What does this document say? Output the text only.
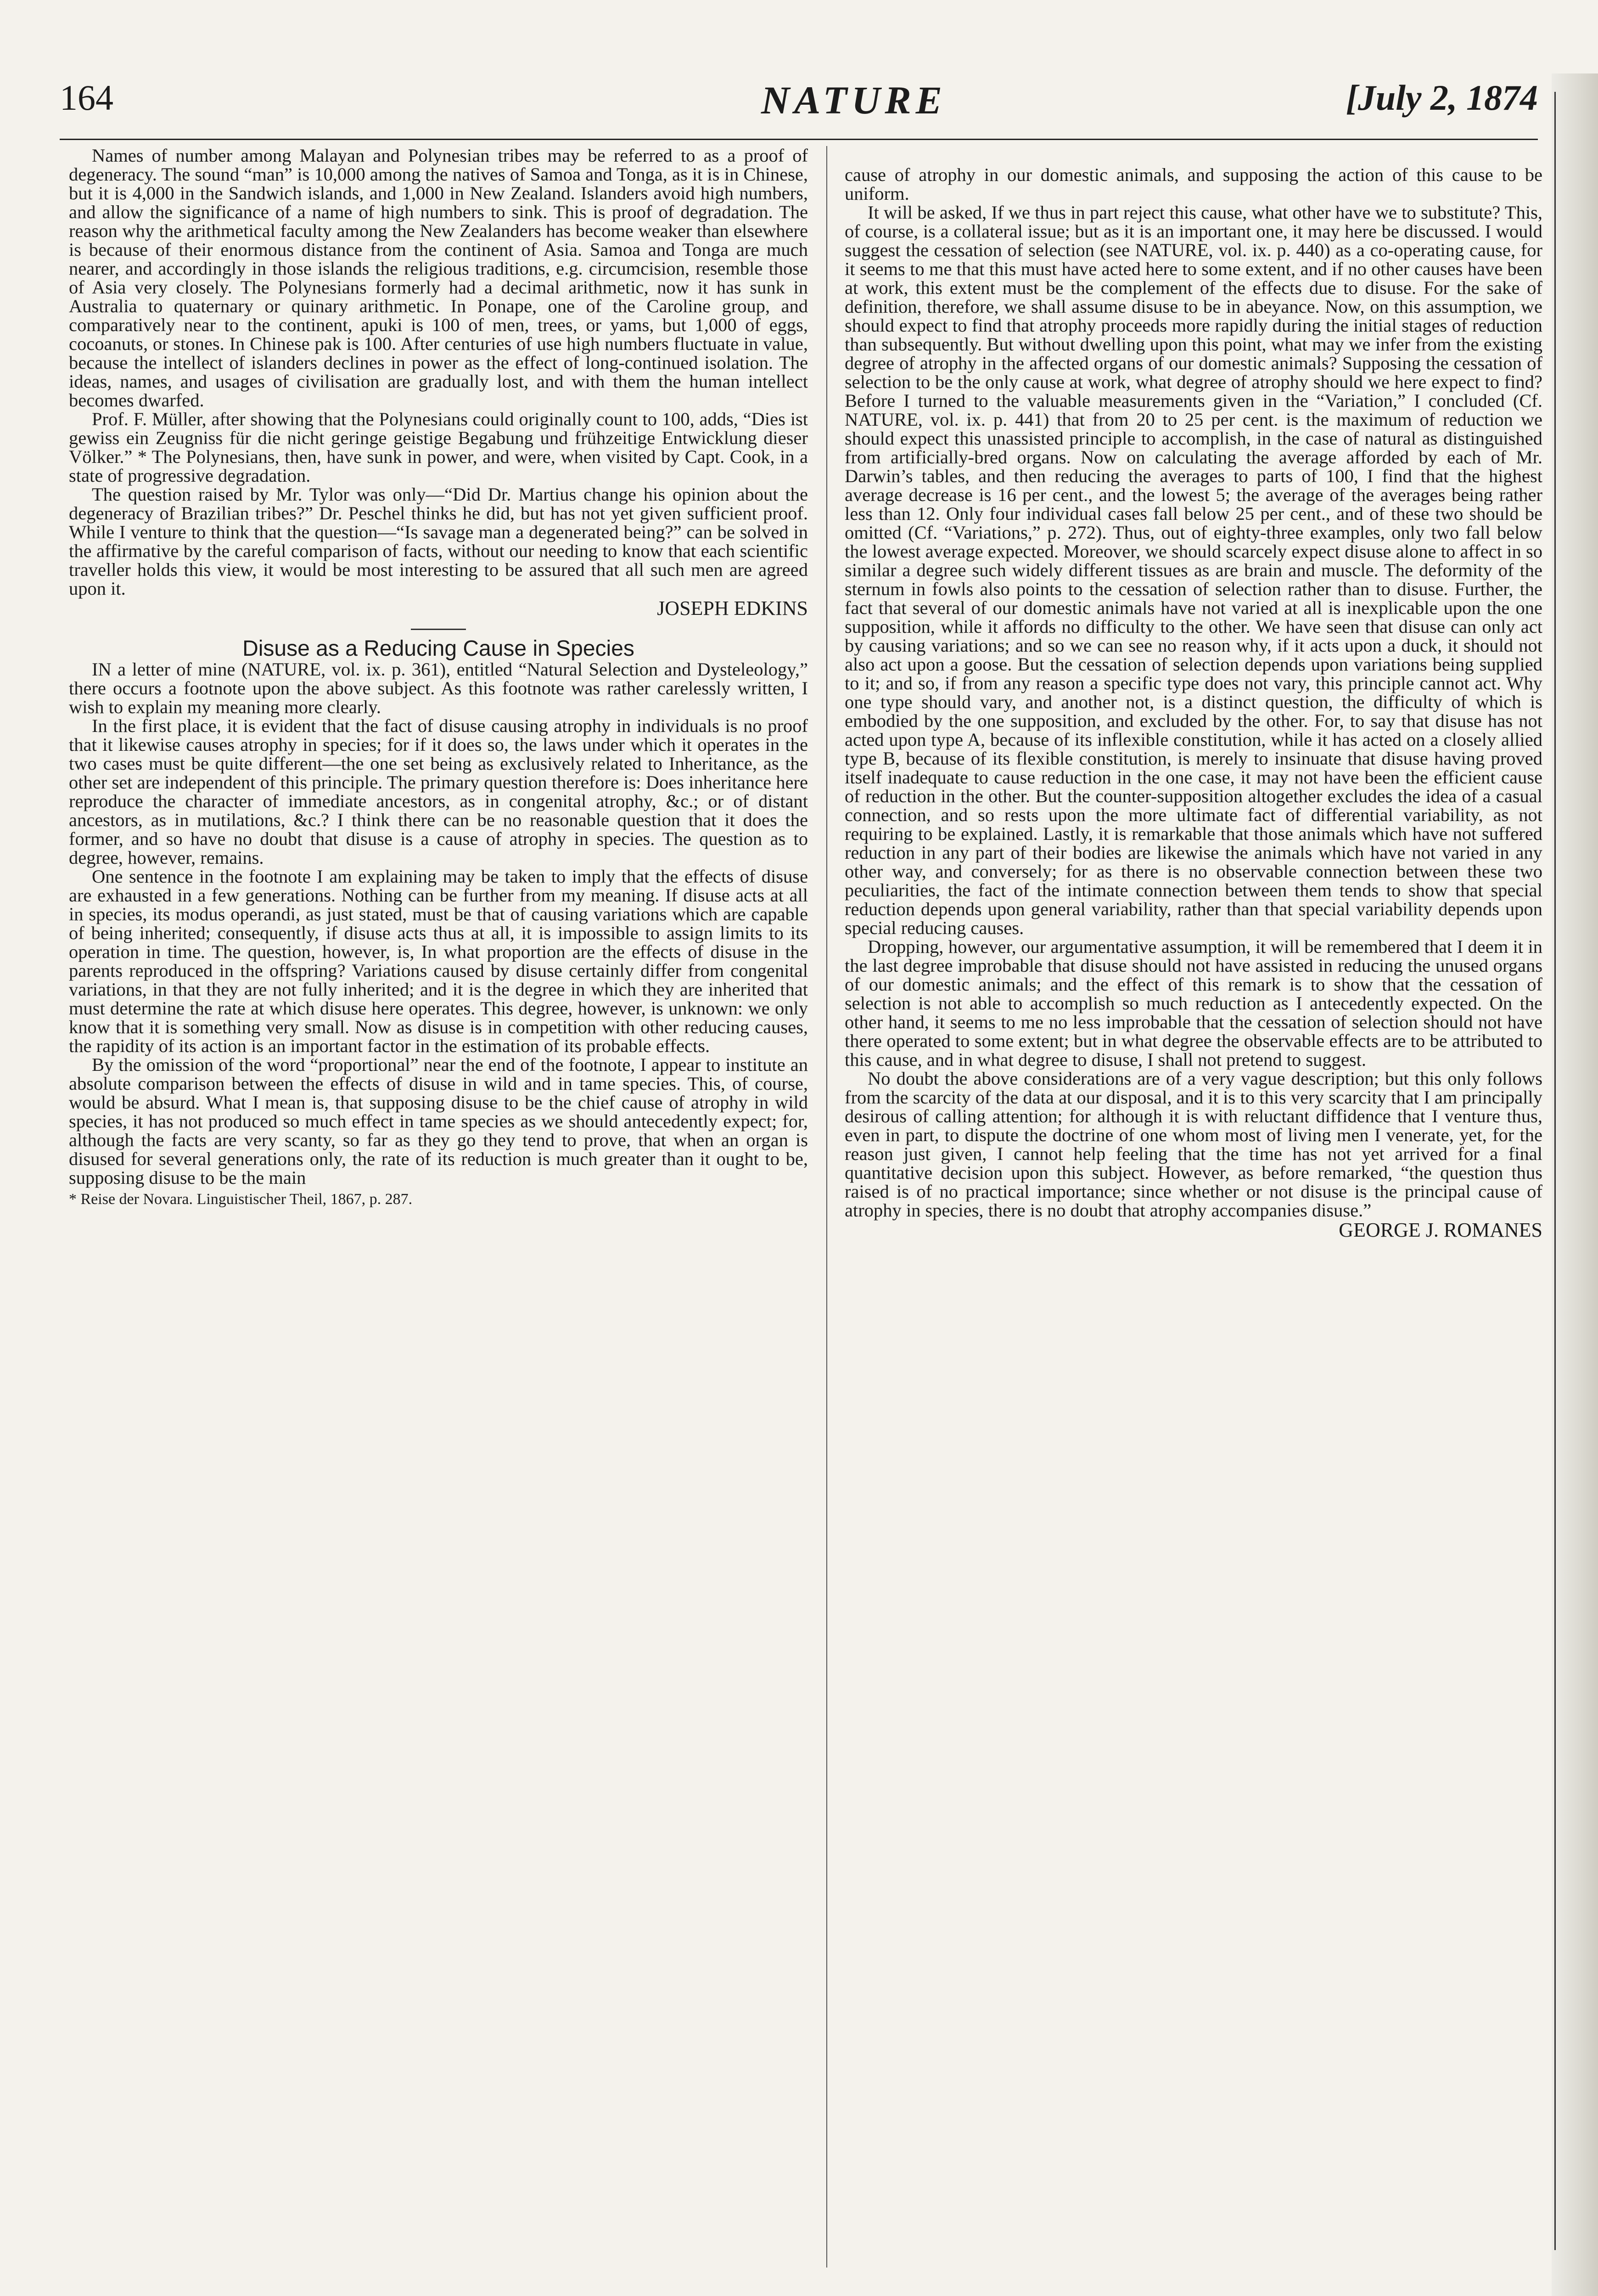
164	NATURE	[July 2, 1874

Names of number among Malayan and Polynesian tribes may be referred to as a proof of degeneracy. The sound “man” is 10,000 among the natives of Samoa and Tonga, as it is in Chinese, but it is 4,000 in the Sandwich islands, and 1,000 in New Zealand. Islanders avoid high numbers, and allow the significance of a name of high numbers to sink. This is proof of degradation. The reason why the arithmetical faculty among the New Zealanders has become weaker than elsewhere is because of their enormous distance from the continent of Asia. Samoa and Tonga are much nearer, and accordingly in those islands the religious traditions, e.g. circumcision, resemble those of Asia very closely. The Polynesians formerly had a decimal arithmetic, now it has sunk in Australia to quaternary or quinary arithmetic. In Ponape, one of the Caroline group, and comparatively near to the continent, apuki is 100 of men, trees, or yams, but 1,000 of eggs, cocoanuts, or stones. In Chinese pak is 100. After centuries of use high numbers fluctuate in value, because the intellect of islanders declines in power as the effect of long-continued isolation. The ideas, names, and usages of civilisation are gradually lost, and with them the human intellect becomes dwarfed.

Prof. F. Müller, after showing that the Polynesians could originally count to 100, adds, “Dies ist gewiss ein Zeugniss für die nicht geringe geistige Begabung und frühzeitige Entwicklung dieser Völker.” * The Polynesians, then, have sunk in power, and were, when visited by Capt. Cook, in a state of progressive degradation.

The question raised by Mr. Tylor was only—“Did Dr. Martius change his opinion about the degeneracy of Brazilian tribes?” Dr. Peschel thinks he did, but has not yet given sufficient proof. While I venture to think that the question—“Is savage man a degenerated being?” can be solved in the affirmative by the careful comparison of facts, without our needing to know that each scientific traveller holds this view, it would be most interesting to be assured that all such men are agreed upon it.

JOSEPH EDKINS
Disuse as a Reducing Cause in Species

IN a letter of mine (NATURE, vol. ix. p. 361), entitled “Natural Selection and Dysteleology,” there occurs a footnote upon the above subject. As this footnote was rather carelessly written, I wish to explain my meaning more clearly.

In the first place, it is evident that the fact of disuse causing atrophy in individuals is no proof that it likewise causes atrophy in species; for if it does so, the laws under which it operates in the two cases must be quite different—the one set being as exclusively related to Inheritance, as the other set are independent of this principle. The primary question therefore is: Does inheritance here reproduce the character of immediate ancestors, as in congenital atrophy, &c.; or of distant ancestors, as in mutilations, &c.? I think there can be no reasonable question that it does the former, and so have no doubt that disuse is a cause of atrophy in species. The question as to degree, however, remains.

One sentence in the footnote I am explaining may be taken to imply that the effects of disuse are exhausted in a few generations. Nothing can be further from my meaning. If disuse acts at all in species, its modus operandi, as just stated, must be that of causing variations which are capable of being inherited; consequently, if disuse acts thus at all, it is impossible to assign limits to its operation in time. The question, however, is, In what proportion are the effects of disuse in the parents reproduced in the offspring? Variations caused by disuse certainly differ from congenital variations, in that they are not fully inherited; and it is the degree in which they are inherited that must determine the rate at which disuse here operates. This degree, however, is unknown: we only know that it is something very small. Now as disuse is in competition with other reducing causes, the rapidity of its action is an important factor in the estimation of its probable effects.

By the omission of the word “proportional” near the end of the footnote, I appear to institute an absolute comparison between the effects of disuse in wild and in tame species. This, of course, would be absurd. What I mean is, that supposing disuse to be the chief cause of atrophy in wild species, it has not produced so much effect in tame species as we should antecedently expect; for, although the facts are very scanty, so far as they go they tend to prove, that when an organ is disused for several generations only, the rate of its reduction is much greater than it ought to be, supposing disuse to be the main

* Reise der Novara. Linguistischer Theil, 1867, p. 287.

cause of atrophy in our domestic animals, and supposing the action of this cause to be uniform.

It will be asked, If we thus in part reject this cause, what other have we to substitute? This, of course, is a collateral issue; but as it is an important one, it may here be discussed. I would suggest the cessation of selection (see NATURE, vol. ix. p. 440) as a co-operating cause, for it seems to me that this must have acted here to some extent, and if no other causes have been at work, this extent must be the complement of the effects due to disuse. For the sake of definition, therefore, we shall assume disuse to be in abeyance. Now, on this assumption, we should expect to find that atrophy proceeds more rapidly during the initial stages of reduction than subsequently. But without dwelling upon this point, what may we infer from the existing degree of atrophy in the affected organs of our domestic animals? Supposing the cessation of selection to be the only cause at work, what degree of atrophy should we here expect to find? Before I turned to the valuable measurements given in the “Variation,” I concluded (Cf. NATURE, vol. ix. p. 441) that from 20 to 25 per cent. is the maximum of reduction we should expect this unassisted principle to accomplish, in the case of natural as distinguished from artificially-bred organs. Now on calculating the average afforded by each of Mr. Darwin’s tables, and then reducing the averages to parts of 100, I find that the highest average decrease is 16 per cent., and the lowest 5; the average of the averages being rather less than 12. Only four individual cases fall below 25 per cent., and of these two should be omitted (Cf. “Variations,” p. 272). Thus, out of eighty-three examples, only two fall below the lowest average expected. Moreover, we should scarcely expect disuse alone to affect in so similar a degree such widely different tissues as are brain and muscle. The deformity of the sternum in fowls also points to the cessation of selection rather than to disuse. Further, the fact that several of our domestic animals have not varied at all is inexplicable upon the one supposition, while it affords no difficulty to the other. We have seen that disuse can only act by causing variations; and so we can see no reason why, if it acts upon a duck, it should not also act upon a goose. But the cessation of selection depends upon variations being supplied to it; and so, if from any reason a specific type does not vary, this principle cannot act. Why one type should vary, and another not, is a distinct question, the difficulty of which is embodied by the one supposition, and excluded by the other. For, to say that disuse has not acted upon type A, because of its inflexible constitution, while it has acted on a closely allied type B, because of its flexible constitution, is merely to insinuate that disuse having proved itself inadequate to cause reduction in the one case, it may not have been the efficient cause of reduction in the other. But the counter-supposition altogether excludes the idea of a casual connection, and so rests upon the more ultimate fact of differential variability, as not requiring to be explained. Lastly, it is remarkable that those animals which have not suffered reduction in any part of their bodies are likewise the animals which have not varied in any other way, and conversely; for as there is no observable connection between these two peculiarities, the fact of the intimate connection between them tends to show that special reduction depends upon general variability, rather than that special variability depends upon special reducing causes.

Dropping, however, our argumentative assumption, it will be remembered that I deem it in the last degree improbable that disuse should not have assisted in reducing the unused organs of our domestic animals; and the effect of this remark is to show that the cessation of selection is not able to accomplish so much reduction as I antecedently expected. On the other hand, it seems to me no less improbable that the cessation of selection should not have there operated to some extent; but in what degree the observable effects are to be attributed to this cause, and in what degree to disuse, I shall not pretend to suggest.

No doubt the above considerations are of a very vague description; but this only follows from the scarcity of the data at our disposal, and it is to this very scarcity that I am principally desirous of calling attention; for although it is with reluctant diffidence that I venture thus, even in part, to dispute the doctrine of one whom most of living men I venerate, yet, for the reason just given, I cannot help feeling that the time has not yet arrived for a final quantitative decision upon this subject. However, as before remarked, “the question thus raised is of no practical importance; since whether or not disuse is the principal cause of atrophy in species, there is no doubt that atrophy accompanies disuse.”

GEORGE J. ROMANES
